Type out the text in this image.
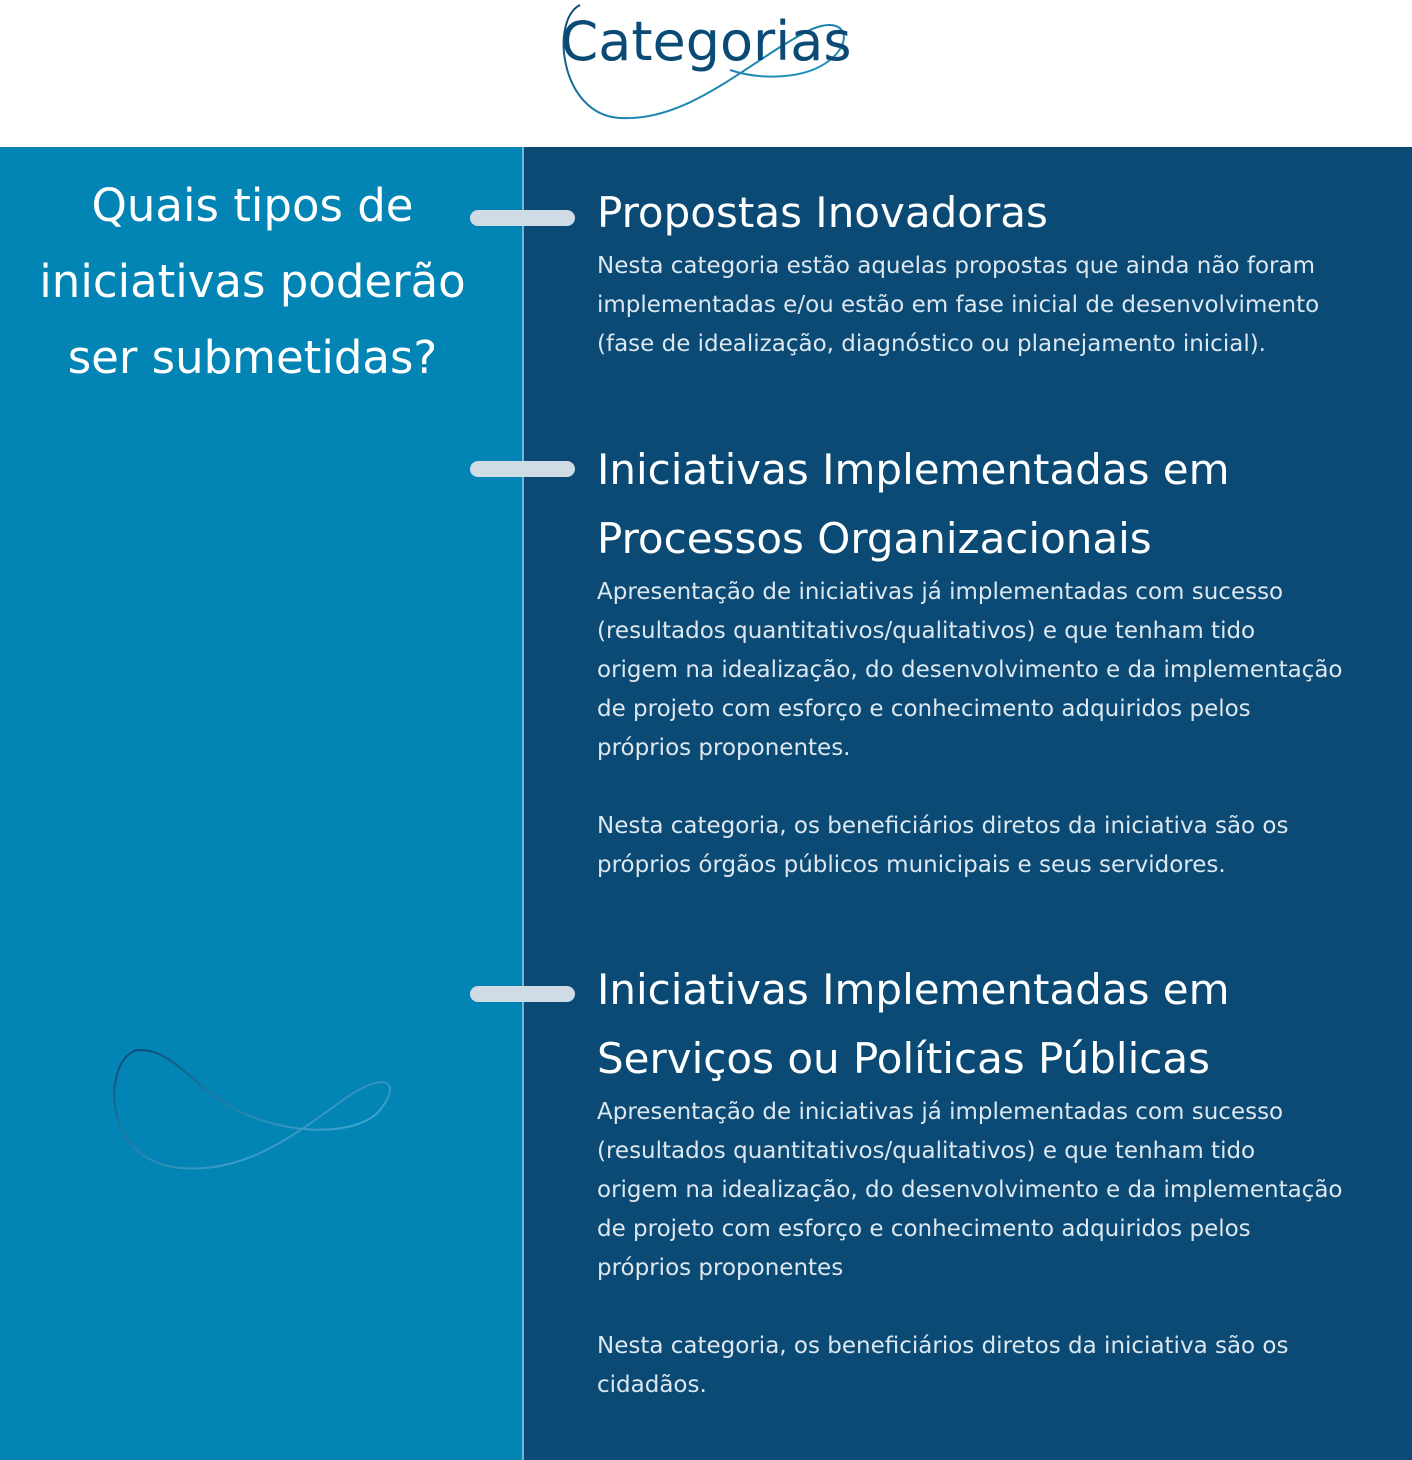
Categorias
Quais tipos de iniciativas poderão ser submetidas?
Propostas Inovadoras

Nesta categoria estão aquelas propostas que ainda não foram
implementadas e/ou estão em fase inicial de desenvolvimento
(fase de idealização, diagnóstico ou planejamento inicial).

Iniciativas Implementadas em
Processos Organizacionais

Apresentação de iniciativas já implementadas com sucesso
(resultados quantitativos/qualitativos) e que tenham tido
origem na idealização, do desenvolvimento e da implementação
de projeto com esforço e conhecimento adquiridos pelos
próprios proponentes.

Nesta categoria, os beneficiários diretos da iniciativa são os
próprios órgãos públicos municipais e seus servidores.

Iniciativas Implementadas em
Serviços ou Políticas Públicas

Apresentação de iniciativas já implementadas com sucesso
(resultados quantitativos/qualitativos) e que tenham tido
origem na idealização, do desenvolvimento e da implementação
de projeto com esforço e conhecimento adquiridos pelos
próprios proponentes

Nesta categoria, os beneficiários diretos da iniciativa são os
cidadãos.
